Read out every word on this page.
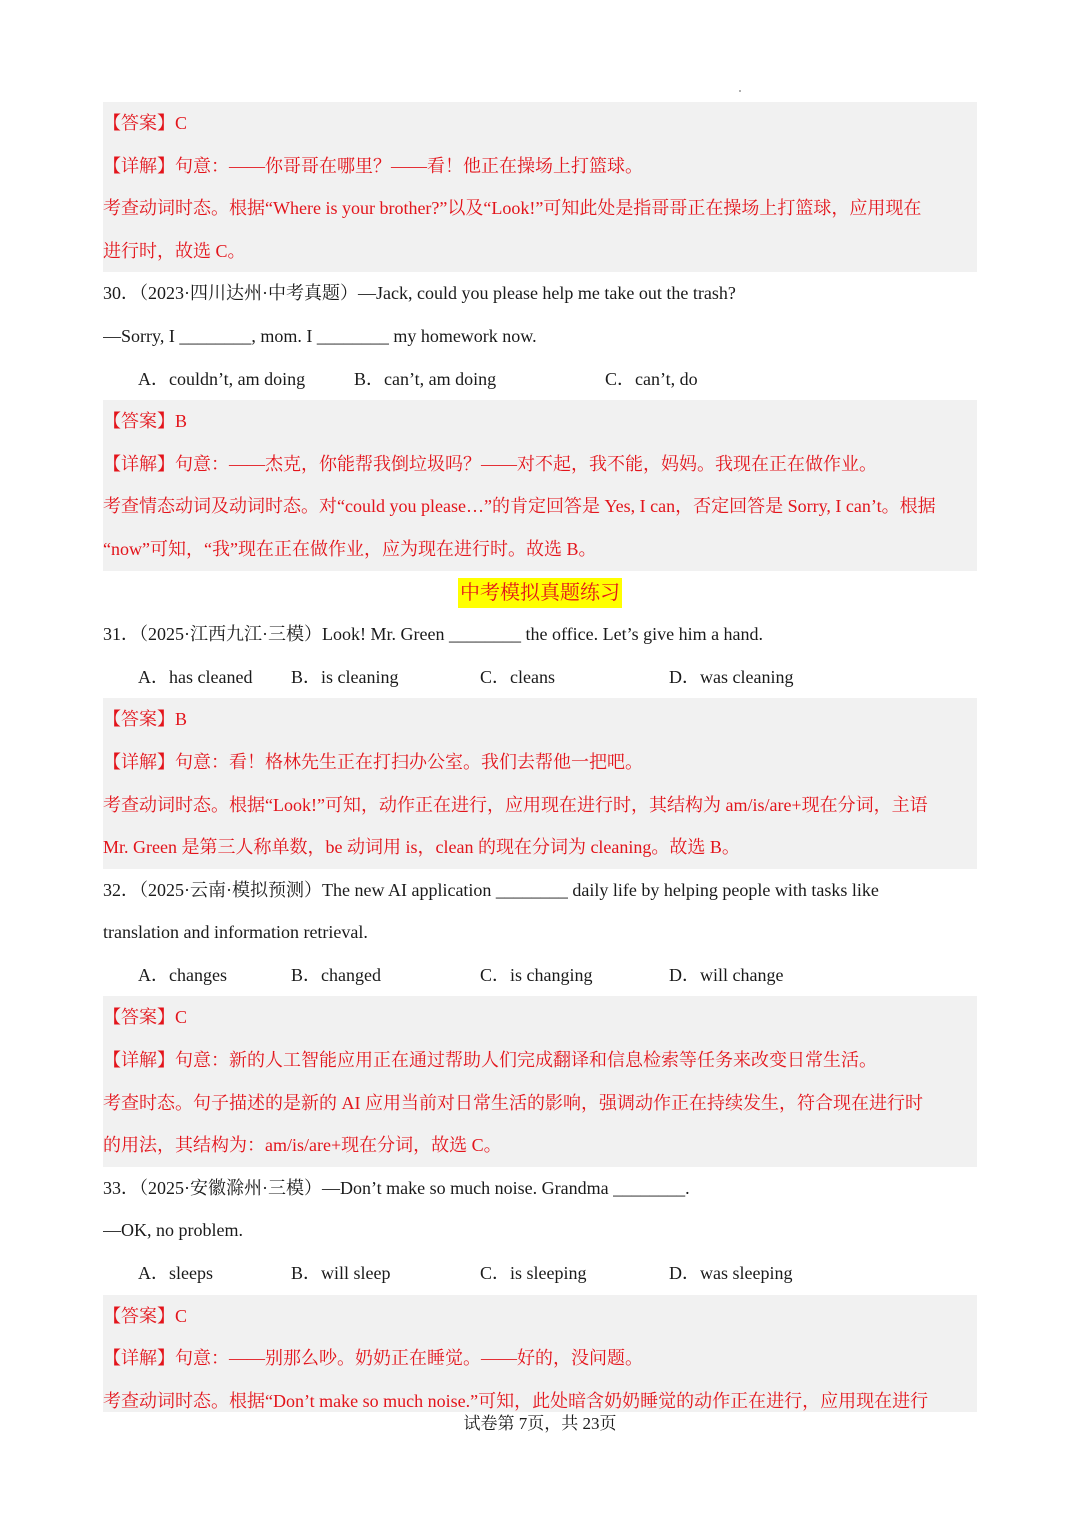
【答案】C
【详解】句意：——你哥哥在哪里？——看！他正在操场上打篮球。
考查动词时态。根据“Where is your brother?”以及“Look!”可知此处是指哥哥正在操场上打篮球，应用现在
进行时，故选 C。
30．（2023·四川达州·中考真题）—Jack, could you please help me take out the trash?
—Sorry, I ________, mom. I ________ my homework now.
A．couldn’t, am doing	B．can’t, am doing	C．can’t, do
【答案】B
【详解】句意：——杰克，你能帮我倒垃圾吗？——对不起，我不能，妈妈。我现在正在做作业。
考查情态动词及动词时态。对“could you please…”的肯定回答是 Yes, I can，否定回答是 Sorry, I can’t。根据
“now”可知，“我”现在正在做作业，应为现在进行时。故选 B。
中考模拟真题练习
31．（2025·江西九江·三模）Look! Mr. Green ________ the office. Let’s give him a hand.
A．has cleaned	B．is cleaning	C．cleans	D．was cleaning
【答案】B
【详解】句意：看！格林先生正在打扫办公室。我们去帮他一把吧。
考查动词时态。根据“Look!”可知，动作正在进行，应用现在进行时，其结构为 am/is/are+现在分词，主语
Mr. Green 是第三人称单数，be 动词用 is，clean 的现在分词为 cleaning。故选 B。
32．（2025·云南·模拟预测）The new AI application ________ daily life by helping people with tasks like
translation and information retrieval.
A．changes	B．changed	C．is changing	D．will change
【答案】C
【详解】句意：新的人工智能应用正在通过帮助人们完成翻译和信息检索等任务来改变日常生活。
考查时态。句子描述的是新的 AI 应用当前对日常生活的影响，强调动作正在持续发生，符合现在进行时
的用法，其结构为：am/is/are+现在分词，故选 C。
33．（2025·安徽滁州·三模）—Don’t make so much noise. Grandma ________.
—OK, no problem.
A．sleeps	B．will sleep	C．is sleeping	D．was sleeping
【答案】C
【详解】句意：——别那么吵。奶奶正在睡觉。——好的，没问题。
考查动词时态。根据“Don’t make so much noise.”可知，此处暗含奶奶睡觉的动作正在进行，应用现在进行
试卷第 7页，共 23页
